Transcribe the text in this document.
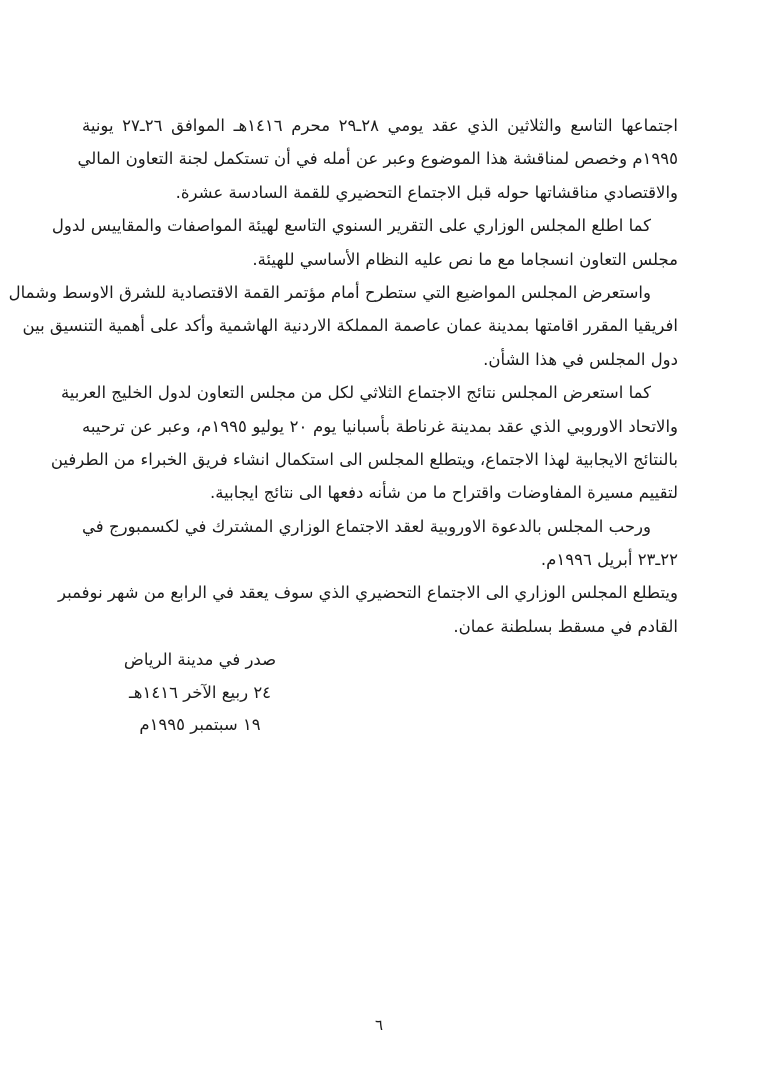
اجتماعها التاسع والثلاثين الذي عقد يومي ٢٨ـ٢٩ محرم ١٤١٦هـ الموافق ٢٦ـ٢٧ يونية
١٩٩٥م وخصص لمناقشة هذا الموضوع وعبر عن أمله في أن تستكمل لجنة التعاون المالي
والاقتصادي مناقشاتها حوله قبل الاجتماع التحضيري للقمة السادسة عشرة.
كما اطلع المجلس الوزاري على التقرير السنوي التاسع لهيئة المواصفات والمقاييس لدول
مجلس التعاون انسجاما مع ما نص عليه النظام الأساسي للهيئة.
واستعرض المجلس المواضيع التي ستطرح أمام مؤتمر القمة الاقتصادية للشرق الاوسط وشمال
افريقيا المقرر اقامتها بمدينة عمان عاصمة المملكة الاردنية الهاشمية وأكد على أهمية التنسيق بين
دول المجلس في هذا الشأن.
كما استعرض المجلس نتائج الاجتماع الثلاثي لكل من مجلس التعاون لدول الخليج العربية
والاتحاد الاوروبي الذي عقد بمدينة غرناطة بأسبانيا يوم ٢٠ يوليو ١٩٩٥م، وعبر عن ترحيبه
بالنتائج الايجابية لهذا الاجتماع، ويتطلع المجلس الى استكمال انشاء فريق الخبراء من الطرفين
لتقييم مسيرة المفاوضات واقتراح ما من شأنه دفعها الى نتائج ايجابية.
ورحب المجلس بالدعوة الاوروبية لعقد الاجتماع الوزاري المشترك في لكسمبورج في
٢٢ـ٢٣ أبريل ١٩٩٦م.
ويتطلع المجلس الوزاري الى الاجتماع التحضيري الذي سوف يعقد في الرابع من شهر نوفمبر
القادم في مسقط بسلطنة عمان.
صدر في مدينة الرياض
٢٤ ربيع الآخر ١٤١٦هـ
١٩ سبتمبر ١٩٩٥م
٦
